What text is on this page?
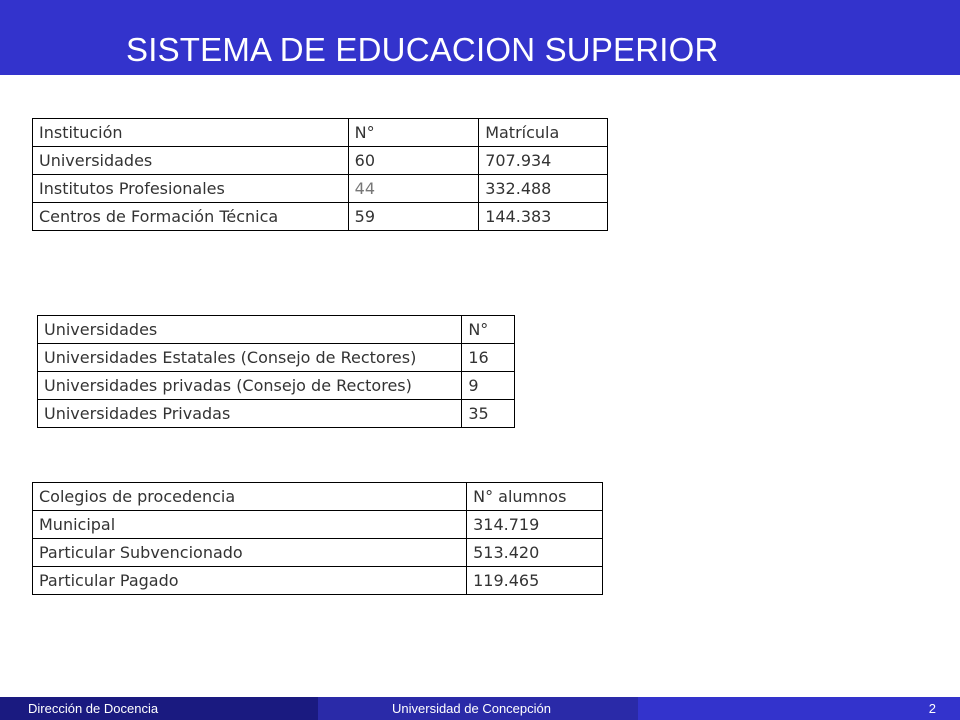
SISTEMA DE EDUCACION SUPERIOR
Institución	N°	Matrícula
Universidades	60	707.934
Institutos Profesionales	44	332.488
Centros de Formación Técnica	59	144.383
Universidades	N°
Universidades Estatales (Consejo de Rectores)	16
Universidades privadas (Consejo de Rectores)	9
Universidades Privadas	35
Colegios de procedencia	N° alumnos
Municipal	314.719
Particular Subvencionado	513.420
Particular Pagado	119.465
Dirección de Docencia	Universidad de Concepción	2
